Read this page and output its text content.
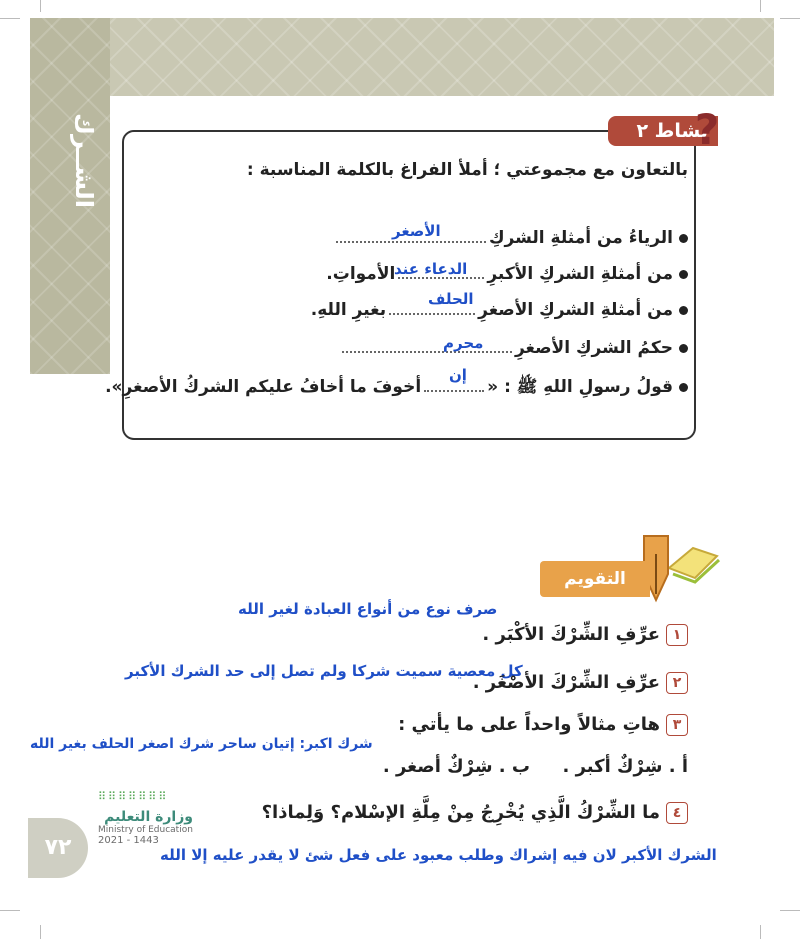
الشــرك	نشاط ٢
?
بالتعاون مع مجموعتي ؛ أملأ الفراغ بالكلمة المناسبة :
الرياءُ من أمثلةِ الشركِ
الأصغر
من أمثلةِ الشركِ الأكبرِالأمواتِ.
الدعاء عند
من أمثلةِ الشركِ الأصغرِبغيرِ اللهِ.
الحلف
حكمُ الشركِ الأصغرِ
محرم
قولُ رسولِ اللهِ ﷺ : «أخوفَ ما أخافُ عليكم الشركُ الأصغرِ».
إن
التقويم
صرف نوع من أنواع العبادة لغير الله
١عرِّفِ الشِّرْكَ الأكْبَر .
كل معصية سميت شركا ولم تصل إلى حد الشرك الأكبر
٢عرِّفِ الشِّرْكَ الأصْغَر .
٣هاتِ مثالاً واحداً على ما يأتي :
شرك اكبر: إتيان ساحر شرك اصغر الحلف بغير الله
أ . شِرْكٌ أكبر .
ب . شِرْكٌ أصغر .
٤ما الشِّرْكُ الَّذِي يُخْرِجُ مِنْ مِلَّةِ الإسْلام؟ وَلِماذا؟
الشرك الأكبر لان فيه إشراك وطلب معبود على فعل شئ لا يقدر عليه إلا الله
٧٢
⠿⠿⠿⠿⠿⠿⠿
وزارة التعليم
Ministry of Education
2021 - 1443
